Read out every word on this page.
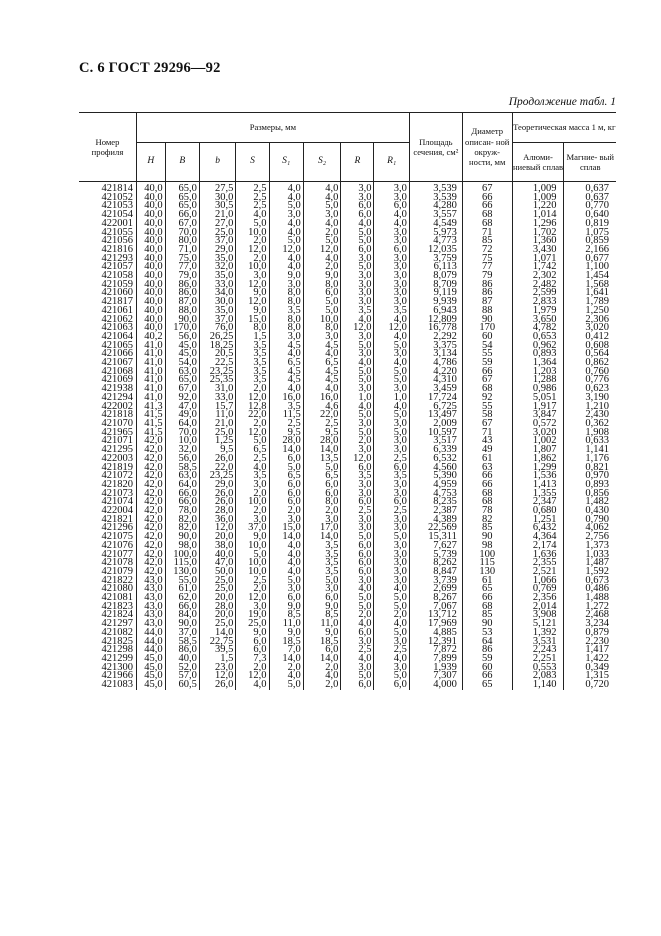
С. 6 ГОСТ 29296—92
Продолжение табл. 1
Номер профиля	Размеры, мм								Площадь сечения, см²	Диаметр описан- ной окруж- ности, мм	Теоретическая масса 1 м, кг	
	H	B	b	S	S₁	S₂	R	R₁			Алюми- ниевый сплав	Магние- вый сплав
421814	40,0	65,0	27,5	2,5	4,0	4,0	3,0	3,0	3,539	67	1,009	0,637
421052	40,0	65,0	30,0	2,5	4,0	4,0	3,0	3,0	3,539	66	1,009	0,637
421053	40,0	65,0	30,5	2,5	5,0	5,0	6,0	6,0	4,280	66	1,220	0,770
421054	40,0	66,0	21,0	4,0	3,0	3,0	6,0	4,0	3,557	68	1,014	0,640
422001	40,0	67,0	27,0	5,0	4,0	4,0	4,0	4,0	4,549	68	1,296	0,819
421055	40,0	70,0	25,0	10,0	4,0	2,0	5,0	3,0	5,973	71	1,702	1,075
421056	40,0	80,0	37,0	2,0	5,0	5,0	5,0	3,0	4,773	85	1,360	0,859
421816	40,0	71,0	29,0	12,0	12,0	12,0	6,0	6,0	12,035	72	3,430	2,166
421293	40,0	75,0	35,0	2,0	4,0	4,0	3,0	3,0	3,759	75	1,071	0,677
421057	40,0	77,0	32,0	10,0	4,0	2,0	5,0	3,0	6,113	77	1,742	1,100
421058	40,0	79,0	35,0	3,0	9,0	9,0	3,0	3,0	8,079	79	2,302	1,454
421059	40,0	86,0	33,0	12,0	3,0	8,0	3,0	3,0	8,709	86	2,482	1,568
421060	40,0	86,0	34,0	9,0	8,0	6,0	3,0	3,0	9,119	86	2,599	1,641
421817	40,0	87,0	30,0	12,0	8,0	5,0	3,0	3,0	9,939	87	2,833	1,789
421061	40,0	88,0	35,0	9,0	3,5	5,0	3,5	3,5	6,943	88	1,979	1,250
421062	40,0	90,0	37,0	15,0	8,0	10,0	4,0	4,0	12,809	90	3,650	2,306
421063	40,0	170,0	76,0	8,0	8,0	8,0	12,0	12,0	16,778	170	4,782	3,020
421064	40,2	56,0	26,25	1,5	3,0	3,0	3,0	4,0	2,292	60	0,653	0,412
421065	41,0	45,0	18,25	3,5	4,5	4,5	5,0	5,0	3,375	54	0,962	0,608
421066	41,0	45,0	20,5	3,5	4,0	4,0	3,0	3,0	3,134	55	0,893	0,564
421067	41,0	54,0	22,5	3,5	6,5	6,5	4,0	4,0	4,786	59	1,364	0,862
421068	41,0	63,0	23,25	3,5	4,5	4,5	5,0	5,0	4,220	66	1,203	0,760
421069	41,0	65,0	25,35	3,5	4,5	4,5	5,0	5,0	4,310	67	1,288	0,776
421938	41,0	67,0	31,0	2,0	4,0	4,0	3,0	3,0	3,459	68	0,986	0,623
421294	41,0	92,0	33,0	12,0	16,0	16,0	1,0	1,0	17,724	92	5,051	3,190
422002	41,3	47,0	15,7	12,8	3,5	4,6	4,0	4,0	6,725	55	1,917	1,210
421818	41,5	49,0	11,0	22,0	11,5	22,0	5,0	5,0	13,497	58	3,847	2,430
421070	41,5	64,0	21,0	2,0	2,5	2,5	3,0	3,0	2,009	67	0,572	0,362
421965	41,5	70,0	25,0	12,0	9,5	9,5	5,0	5,0	10,597	71	3,020	1,908
421071	42,0	10,0	1,25	5,0	28,0	28,0	2,0	3,0	3,517	43	1,002	0,633
421295	42,0	32,0	9,5	6,5	14,0	14,0	3,0	3,0	6,339	49	1,807	1,141
422003	42,0	56,0	26,0	2,5	6,0	13,5	12,0	2,5	6,532	61	1,862	1,176
421819	42,0	58,5	22,0	4,0	5,0	5,0	6,0	6,0	4,560	63	1,299	0,821
421072	42,0	63,0	23,25	3,5	6,5	6,5	3,5	3,5	5,390	66	1,536	0,970
421820	42,0	64,0	29,0	3,0	6,0	6,0	3,0	3,0	4,959	66	1,413	0,893
421073	42,0	66,0	26,0	2,0	6,0	6,0	3,0	3,0	4,753	68	1,355	0,856
421074	42,0	66,0	26,0	10,0	6,0	8,0	6,0	6,0	8,235	68	2,347	1,482
422004	42,0	78,0	28,0	2,0	2,0	2,0	2,5	2,5	2,387	78	0,680	0,430
421821	42,0	82,0	36,0	3,0	3,0	3,0	3,0	3,0	4,389	82	1,251	0,790
421296	42,0	82,0	12,0	37,0	15,0	17,0	3,0	3,0	22,569	85	6,432	4,062
421075	42,0	90,0	20,0	9,0	14,0	14,0	5,0	5,0	15,311	90	4,364	2,756
421076	42,0	98,0	38,0	10,0	4,0	3,5	6,0	3,0	7,627	98	2,174	1,373
421077	42,0	100,0	40,0	5,0	4,0	3,5	6,0	3,0	5,739	100	1,636	1,033
421078	42,0	115,0	47,0	10,0	4,0	3,5	6,0	3,0	8,262	115	2,355	1,487
421079	42,0	130,0	50,0	10,0	4,0	3,5	6,0	3,0	8,847	130	2,521	1,592
421822	43,0	55,0	25,0	2,5	5,0	5,0	3,0	3,0	3,739	61	1,066	0,673
421080	43,0	61,0	25,0	2,0	3,0	3,0	4,0	4,0	2,699	65	0,769	0,486
421081	43,0	62,0	20,0	12,0	6,0	6,0	5,0	5,0	8,267	66	2,356	1,488
421823	43,0	66,0	28,0	3,0	9,0	9,0	5,0	5,0	7,067	68	2,014	1,272
421824	43,0	84,0	20,0	19,0	8,5	8,5	2,0	2,0	13,712	85	3,908	2,468
421297	43,0	90,0	25,0	25,0	11,0	11,0	4,0	4,0	17,969	90	5,121	3,234
421082	44,0	37,0	14,0	9,0	9,0	9,0	6,0	5,0	4,885	53	1,392	0,879
421825	44,0	58,5	22,75	6,0	18,5	18,5	3,0	3,0	12,391	64	3,531	2,230
421298	44,0	86,0	39,5	6,0	7,0	6,0	2,5	2,5	7,872	86	2,243	1,417
421299	45,0	40,0	1,5	7,3	14,0	14,0	4,0	4,0	7,899	59	2,251	1,422
421300	45,0	52,0	23,0	2,0	2,0	2,0	3,0	3,0	1,939	60	0,553	0,349
421966	45,0	57,0	12,0	12,0	4,0	4,0	5,0	5,0	7,307	66	2,083	1,315
421083	45,0	60,5	26,0	4,0	5,0	2,0	6,0	6,0	4,000	65	1,140	0,720
